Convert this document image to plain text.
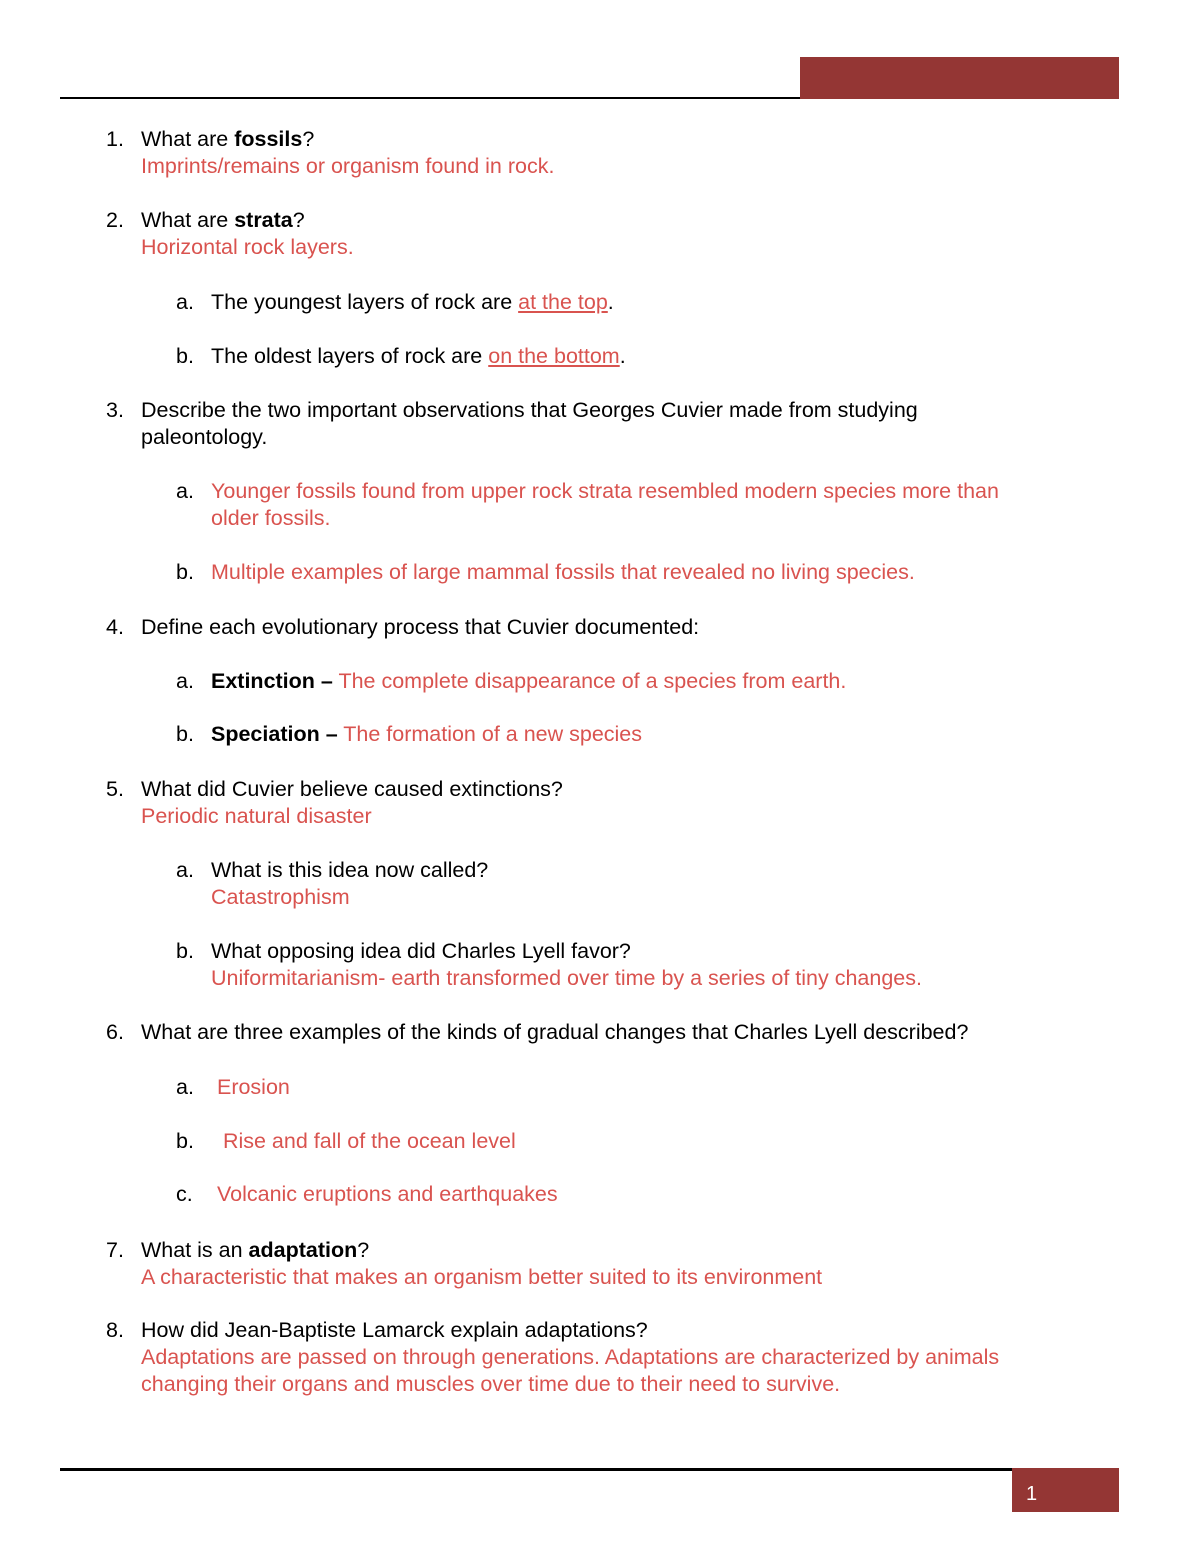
1. What are fossils?
Imprints/remains or organism found in rock.
2. What are strata?
Horizontal rock layers.
a. The youngest layers of rock are at the top.
b. The oldest layers of rock are on the bottom.
3. Describe the two important observations that Georges Cuvier made from studying
paleontology.
a. Younger fossils found from upper rock strata resembled modern species more than
older fossils.
b. Multiple examples of large mammal fossils that revealed no living species.
4. Define each evolutionary process that Cuvier documented:
a. Extinction – The complete disappearance of a species from earth.
b. Speciation – The formation of a new species
5. What did Cuvier believe caused extinctions?
Periodic natural disaster
a. What is this idea now called?
Catastrophism
b. What opposing idea did Charles Lyell favor?
Uniformitarianism- earth transformed over time by a series of tiny changes.
6. What are three examples of the kinds of gradual changes that Charles Lyell described?
a. Erosion
b. Rise and fall of the ocean level
c. Volcanic eruptions and earthquakes
7. What is an adaptation?
A characteristic that makes an organism better suited to its environment
8. How did Jean-Baptiste Lamarck explain adaptations?
Adaptations are passed on through generations. Adaptations are characterized by animals
changing their organs and muscles over time due to their need to survive.
1
